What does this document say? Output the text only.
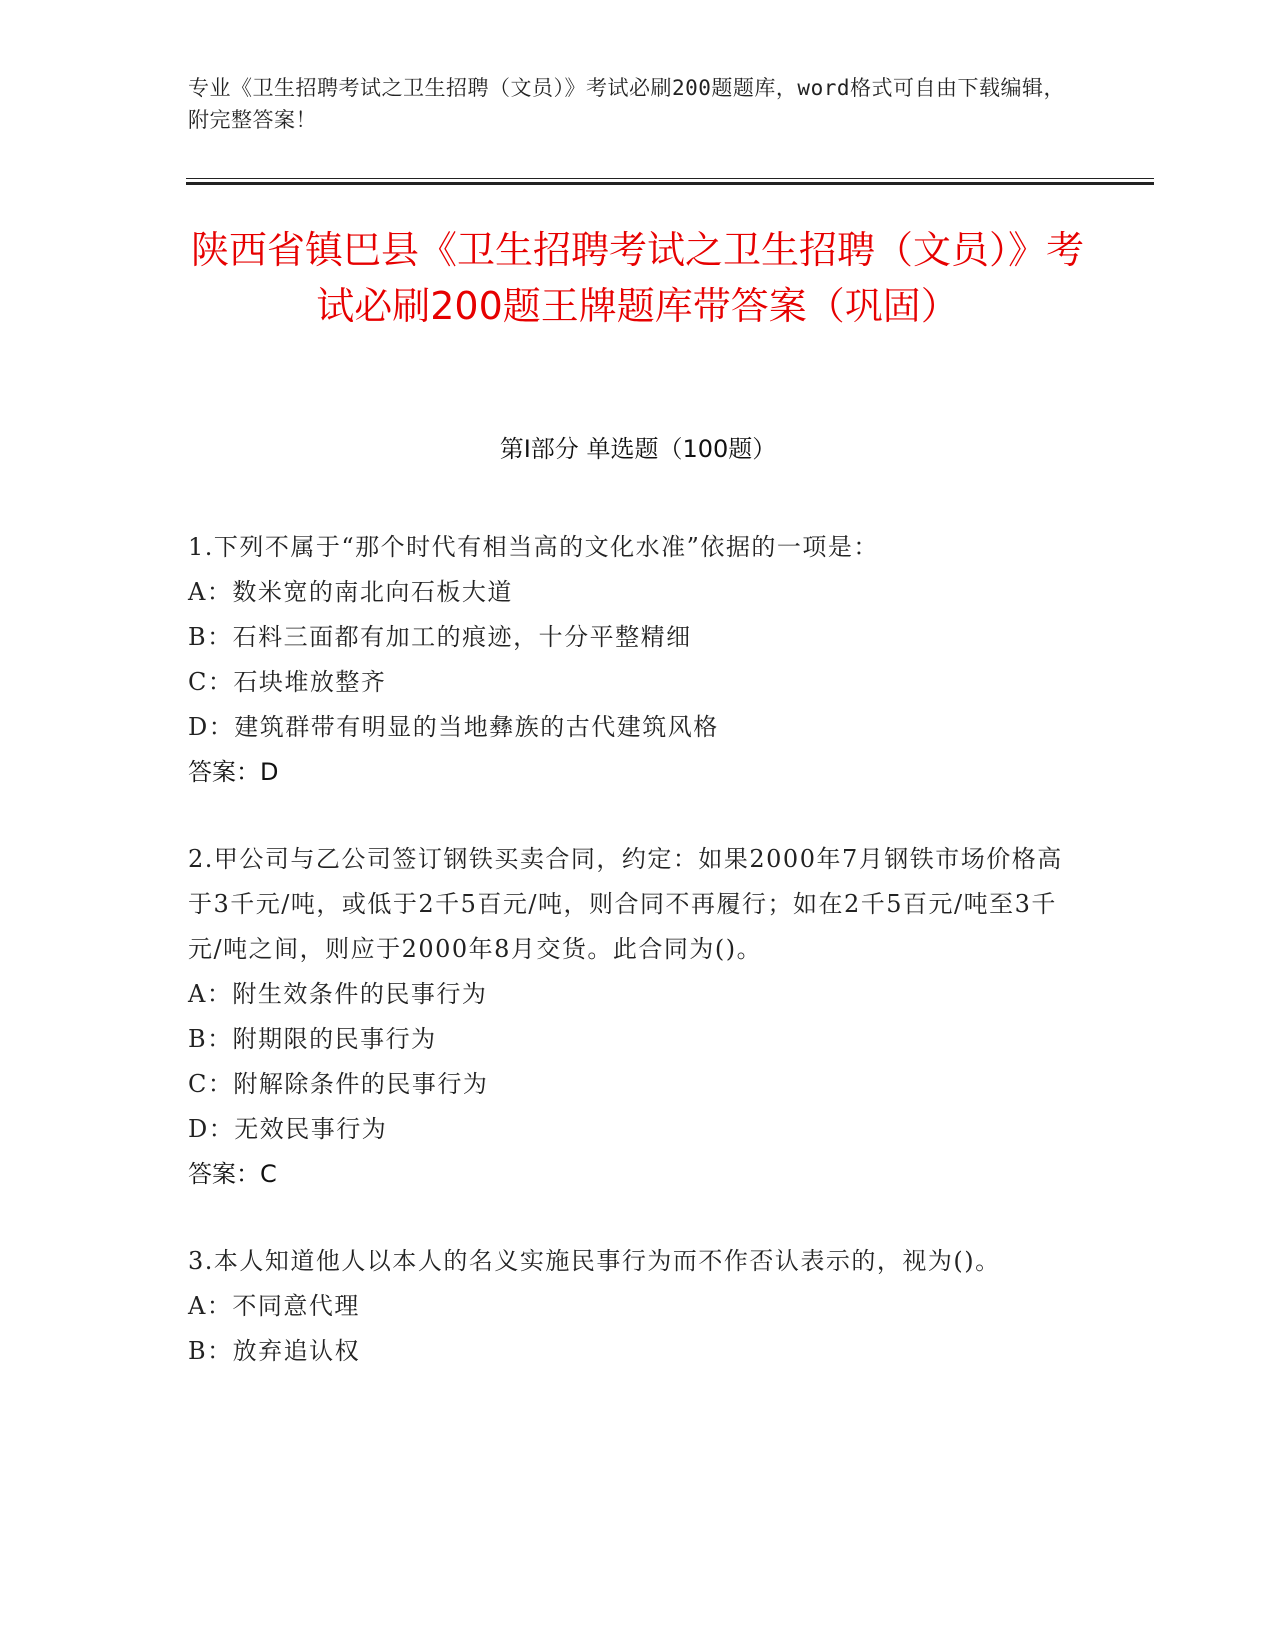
专业《卫生招聘考试之卫生招聘（文员）》考试必刷200题题库，word格式可自由下载编辑，附完整答案！
陕西省镇巴县《卫生招聘考试之卫生招聘（文员）》考试必刷200题王牌题库带答案（巩固）
第Ⅰ部分 单选题（100题）
1.下列不属于“那个时代有相当高的文化水准”依据的一项是：
A：数米宽的南北向石板大道
B：石料三面都有加工的痕迹，十分平整精细
C：石块堆放整齐
D：建筑群带有明显的当地彝族的古代建筑风格
答案：D
2.甲公司与乙公司签订钢铁买卖合同，约定：如果2000年7月钢铁市场价格高于3千元/吨，或低于2千5百元/吨，则合同不再履行；如在2千5百元/吨至3千元/吨之间，则应于2000年8月交货。此合同为()。
A：附生效条件的民事行为
B：附期限的民事行为
C：附解除条件的民事行为
D：无效民事行为
答案：C
3.本人知道他人以本人的名义实施民事行为而不作否认表示的，视为()。
A：不同意代理
B：放弃追认权
